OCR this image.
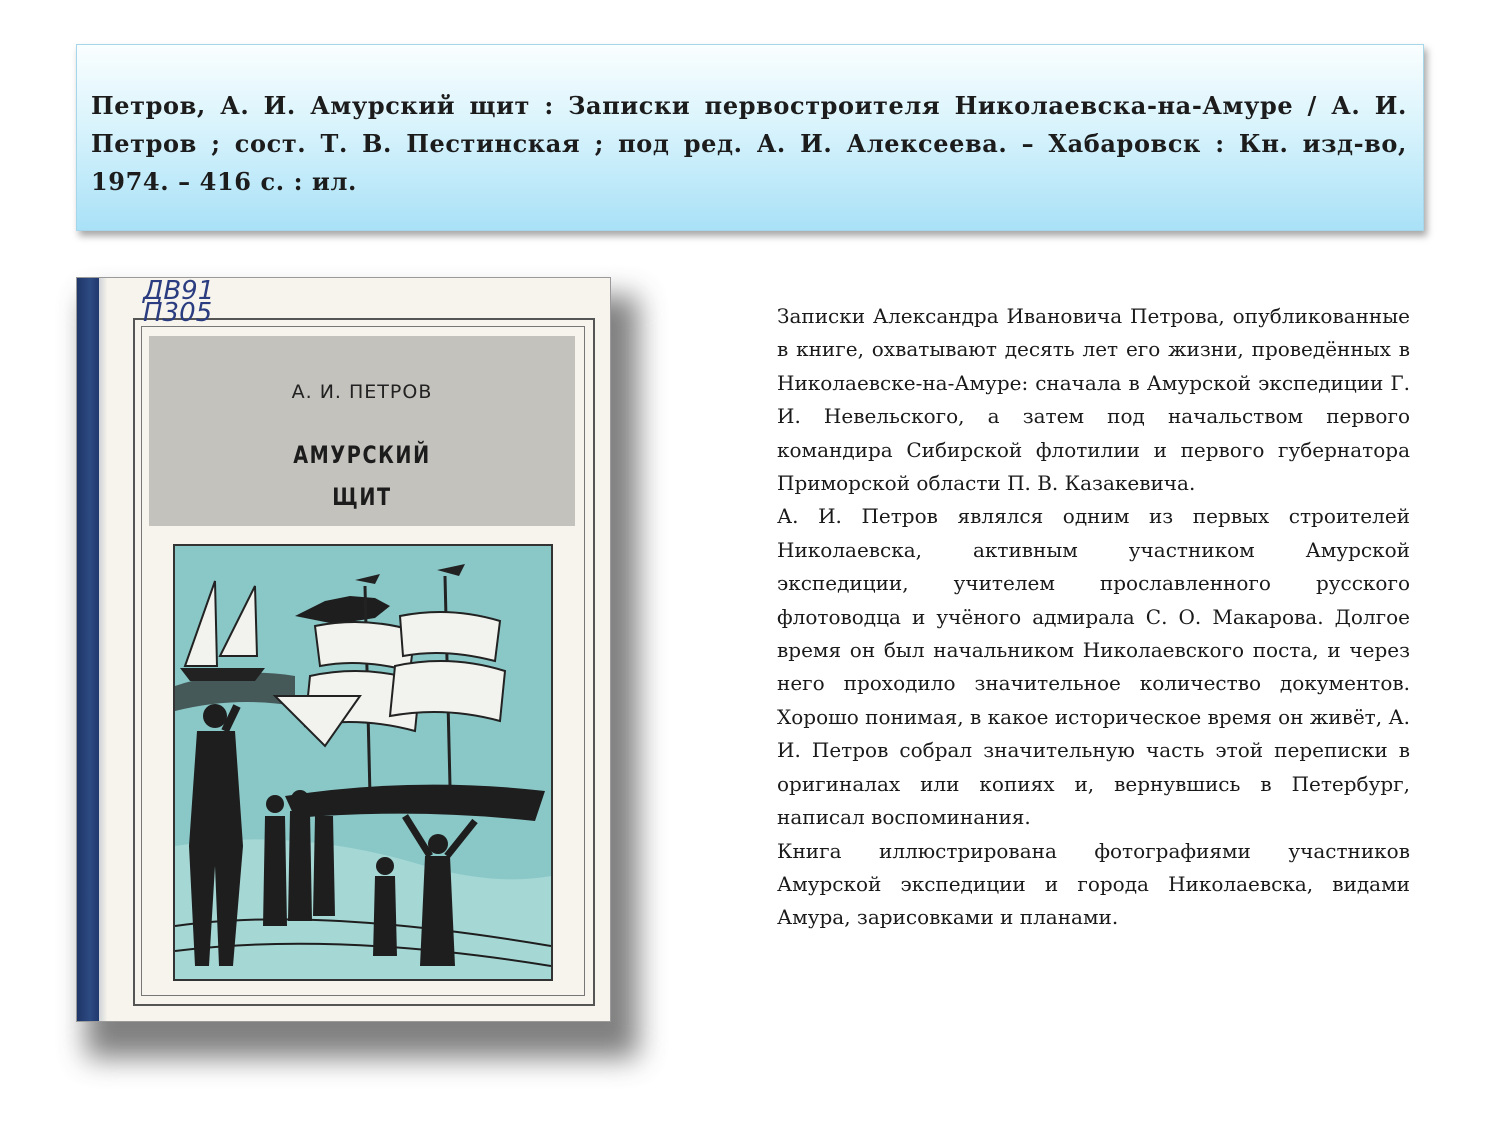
Петров, А. И. Амурский щит : Записки первостроителя Николаевска-на-Амуре / А. И. Петров ; сост. Т. В. Пестинская ; под ред. А. И. Алексеева. – Хабаровск : Кн. изд-во, 1974. – 416 с. : ил.

ДВ91
П305
А. И. ПЕТРОВ
АМУРСКИЙ
ЩИТ

Записки Александра Ивановича Петрова, опубликованные в книге, охватывают десять лет его жизни, проведённых в Николаевске-на-Амуре: сначала в Амурской экспедиции Г. И. Невельского, а затем под начальством первого командира Сибирской флотилии и первого губернатора Приморской области П. В. Казакевича.

А. И. Петров являлся одним из первых строителей Николаевска, активным участником Амурской экспедиции, учителем прославленного русского флотоводца и учёного адмирала С. О. Макарова. Долгое время он был начальником Николаевского поста, и через него проходило значительное количество документов. Хорошо понимая, в какое историческое время он живёт, А. И. Петров собрал значительную часть этой переписки в оригиналах или копиях и, вернувшись в Петербург, написал воспоминания.

Книга иллюстрирована фотографиями участников Амурской экспедиции и города Николаевска, видами Амура, зарисовками и планами.
